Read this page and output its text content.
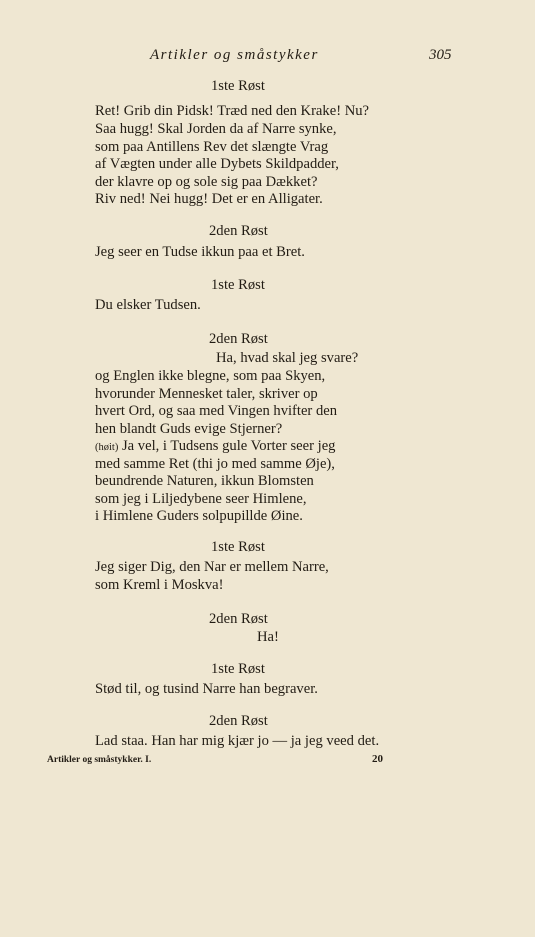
Artikler og småstykker	305
1ste Røst
Ret! Grib din Pidsk! Træd ned den Krake! Nu?
Saa hugg! Skal Jorden da af Narre synke,
som paa Antillens Rev det slængte Vrag
af Vægten under alle Dybets Skildpadder,
der klavre op og sole sig paa Dækket?
Riv ned! Nei hugg! Det er en Alligater.
2den Røst
Jeg seer en Tudse ikkun paa et Bret.
1ste Røst
Du elsker Tudsen.
2den Røst
Ha, hvad skal jeg svare?
og Englen ikke blegne, som paa Skyen,
hvorunder Mennesket taler, skriver op
hvert Ord, og saa med Vingen hvifter den
hen blandt Guds evige Stjerner?
(høit) Ja vel, i Tudsens gule Vorter seer jeg
med samme Ret (thi jo med samme Øje),
beundrende Naturen, ikkun Blomsten
som jeg i Liljedybene seer Himlene,
i Himlene Guders solpupillde Øine.
1ste Røst
Jeg siger Dig, den Nar er mellem Narre,
som Kreml i Moskva!
2den Røst
Ha!
1ste Røst
Stød til, og tusind Narre han begraver.
2den Røst
Lad staa. Han har mig kjær jo — ja jeg veed det.
Artikler og småstykker. I.	20
